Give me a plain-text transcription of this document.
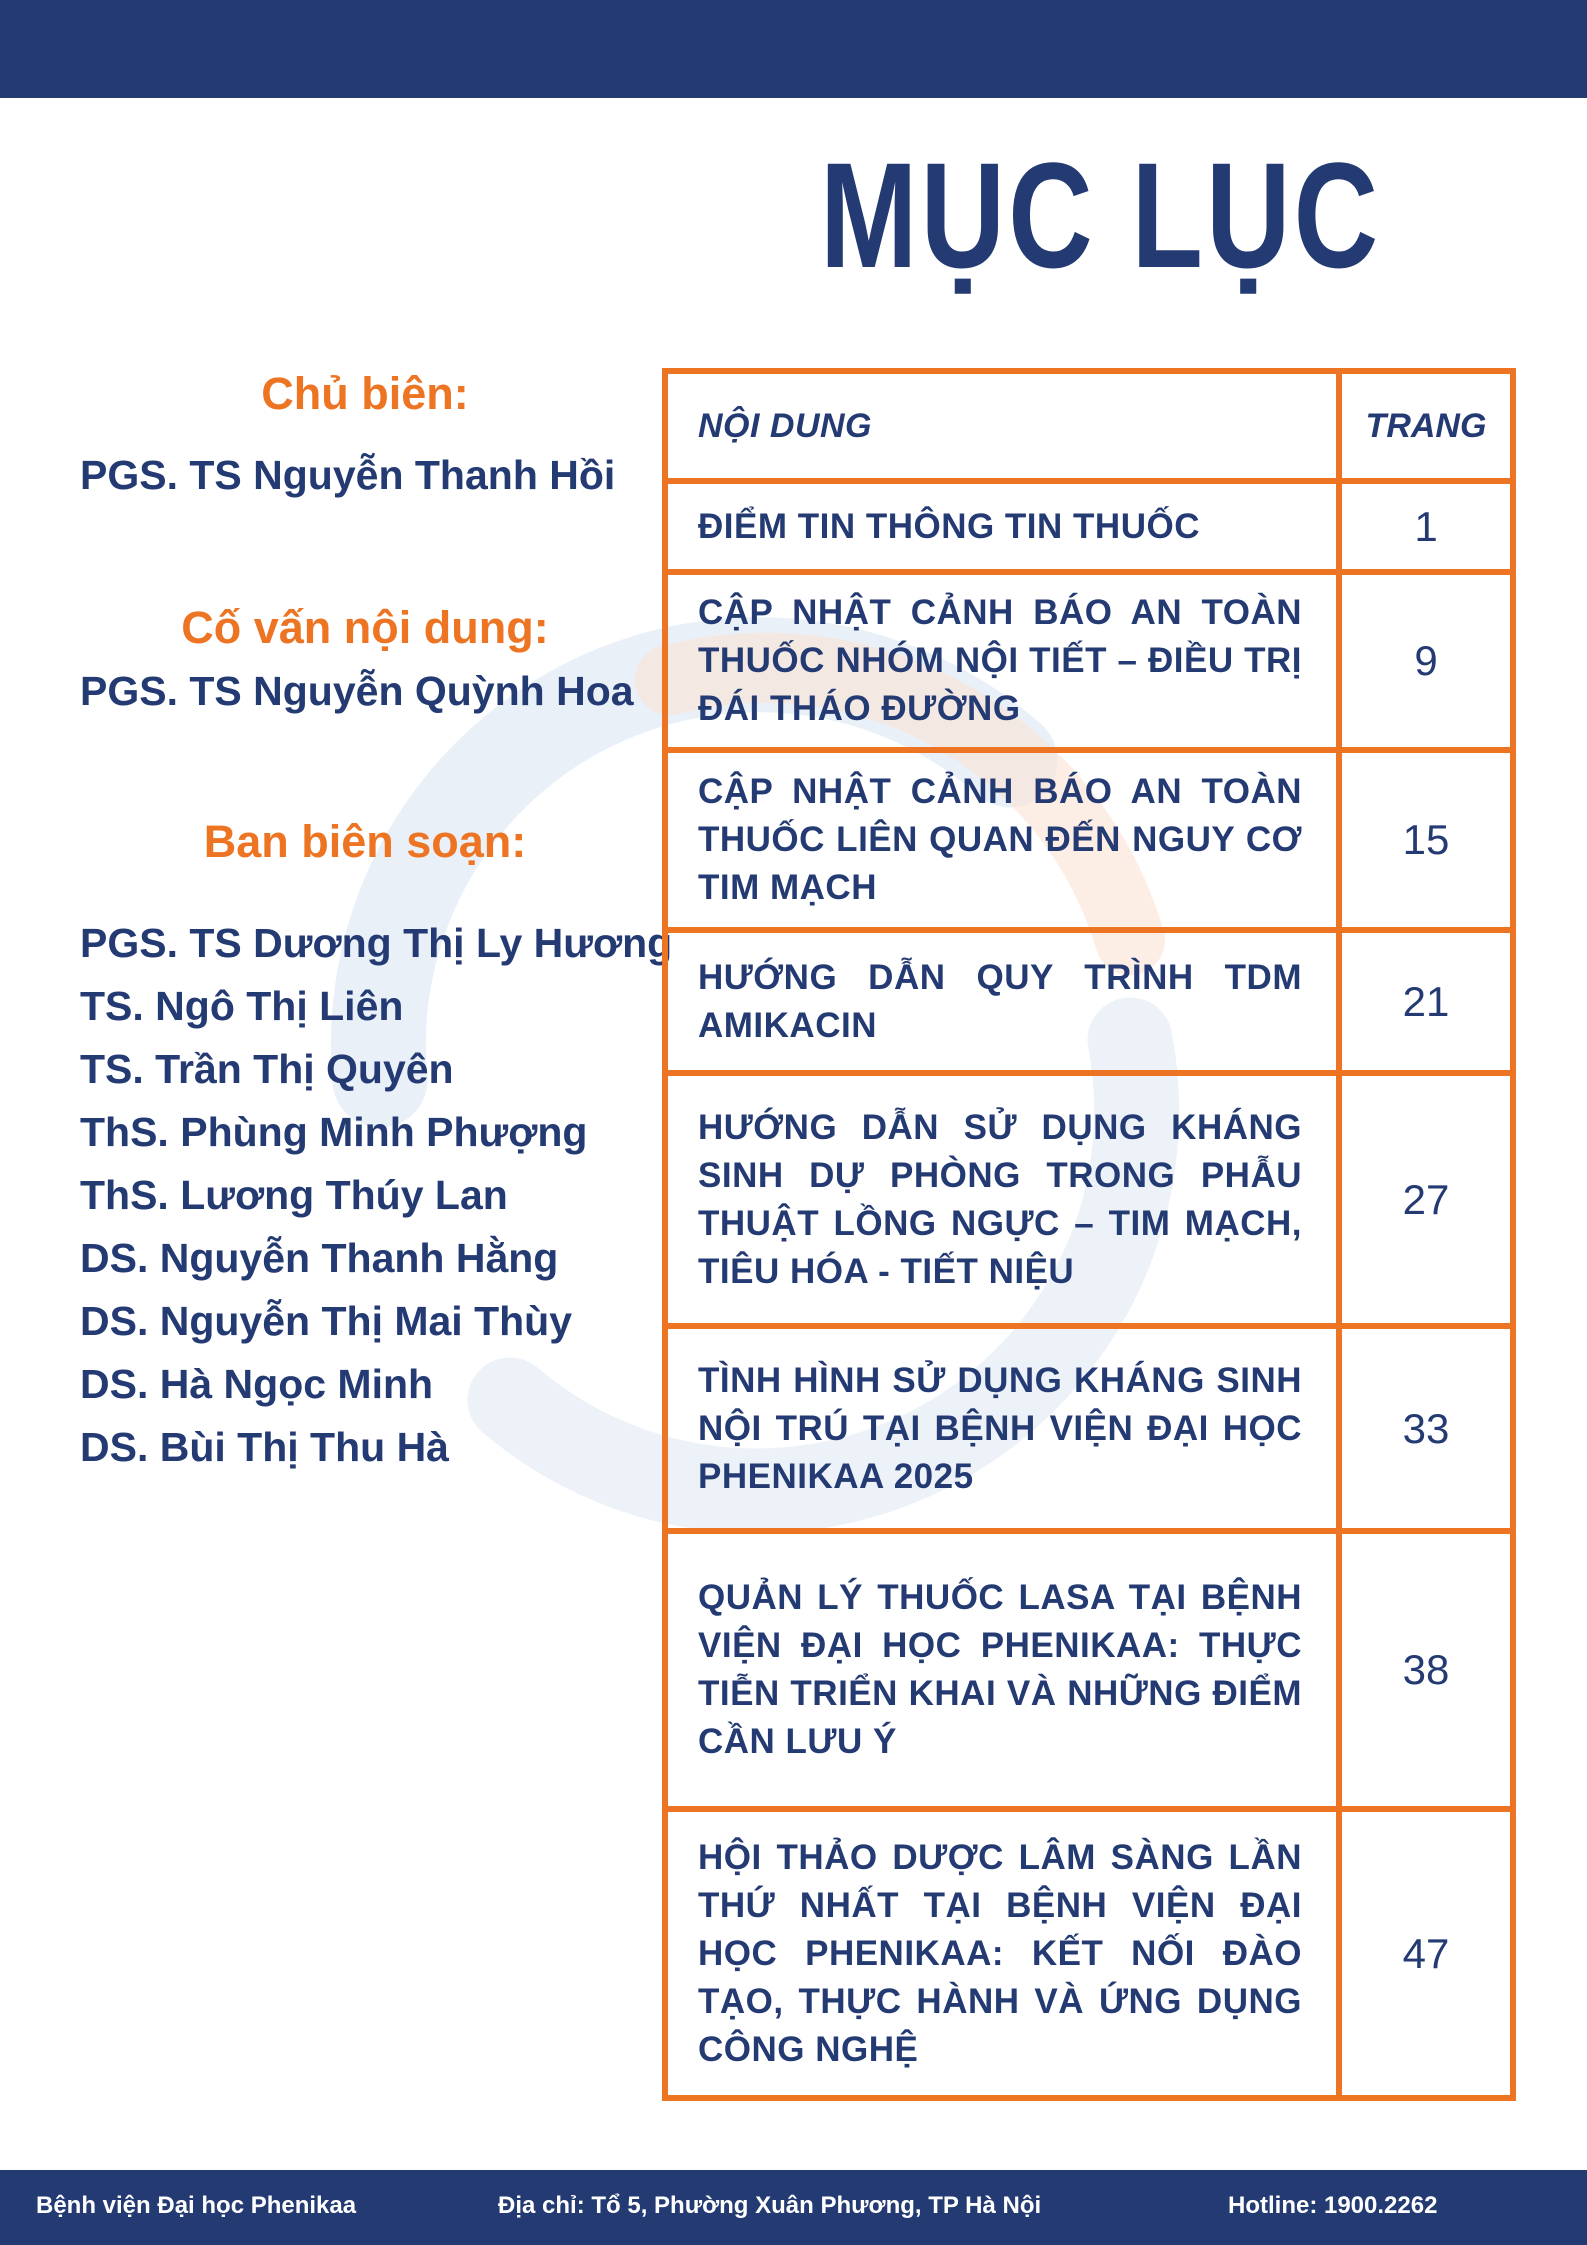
MỤC LỤC
Chủ biên:
PGS. TS Nguyễn Thanh Hồi
Cố vấn nội dung:
PGS. TS Nguyễn Quỳnh Hoa
Ban biên soạn:
PGS. TS Dương Thị Ly Hương
TS. Ngô Thị Liên
TS. Trần Thị Quyên
ThS. Phùng Minh Phượng
ThS. Lương Thúy Lan
DS. Nguyễn Thanh Hằng
DS. Nguyễn Thị Mai Thùy
DS. Hà Ngọc Minh
DS. Bùi Thị Thu Hà
NỘI DUNG	TRANG
ĐIỂM TIN THÔNG TIN THUỐC	1
CẬP NHẬT CẢNH BÁO AN TOÀN THUỐC NHÓM NỘI TIẾT – ĐIỀU TRỊ ĐÁI THÁO ĐƯỜNG
9
CẬP NHẬT CẢNH BÁO AN TOÀN THUỐC LIÊN QUAN ĐẾN NGUY CƠ TIM MẠCH
15
HƯỚNG DẪN QUY TRÌNH TDM AMIKACIN
21
HƯỚNG DẪN SỬ DỤNG KHÁNG SINH DỰ PHÒNG TRONG PHẪU THUẬT LỒNG NGỰC – TIM MẠCH, TIÊU HÓA - TIẾT NIỆU
27
TÌNH HÌNH SỬ DỤNG KHÁNG SINH NỘI TRÚ TẠI BỆNH VIỆN ĐẠI HỌC PHENIKAA 2025
33
QUẢN LÝ THUỐC LASA TẠI BỆNH VIỆN ĐẠI HỌC PHENIKAA: THỰC TIỄN TRIỂN KHAI VÀ NHỮNG ĐIỂM CẦN LƯU Ý
38
HỘI THẢO DƯỢC LÂM SÀNG LẦN THỨ NHẤT TẠI BỆNH VIỆN ĐẠI HỌC PHENIKAA: KẾT NỐI ĐÀO TẠO, THỰC HÀNH VÀ ỨNG DỤNG CÔNG NGHỆ
47
Bệnh viện Đại học Phenikaa	Địa chỉ: Tổ 5, Phường Xuân Phương, TP Hà Nội	Hotline: 1900.2262
